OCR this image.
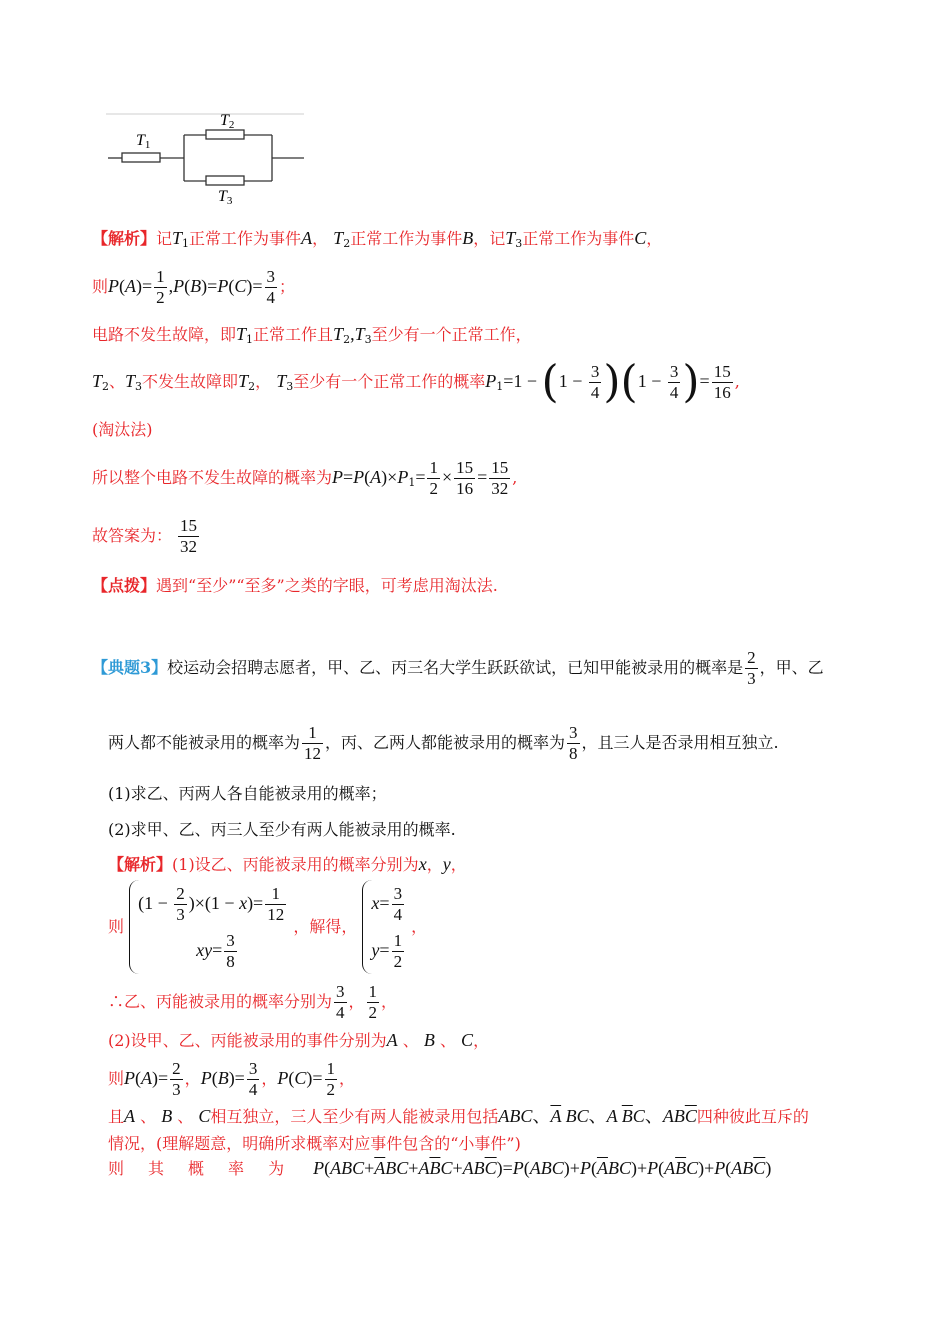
$T_1$
$T_2$
$T_3$
【解析】记$T_1$正常工作为事件A， $T_2$正常工作为事件B，记$T_3$正常工作为事件C，
则$P(A)= \frac{1}{2} ,P(B)=P(C)= \frac{3}{4}$ ；
电路不发生故障，即$T_1$正常工作且$T_2,T_3$至少有一个正常工作，
$T_2$、$T_3$不发生故障即$T_2$， $T_3$至少有一个正常工作的概率$P_1=1 - (1 - \frac{3}{4} )(1 - \frac{3}{4}$ )= $\frac{15}{16}$ ,
(淘汰法)
所以整个电路不发生故障的概率为$P=P(A)\times P_1= \frac{1}{2} \times \frac{15}{16} = \frac{15}{32}$ ,
故答案为： $\frac{15}{32}$
【点拨】遇到“至少”“至多”之类的字眼，可考虑用淘汰法.
【典题3】校运动会招聘志愿者，甲、乙、丙三名大学生跃跃欲试，已知甲能被录用的概率是 $\frac{2}{3}$ ，甲、乙
两人都不能被录用的概率为 $\frac{1}{12}$ ，丙、乙两人都能被录用的概率为 $\frac{3}{8}$ ，且三人是否录用相互独立.
(1)求乙、丙两人各自能被录用的概率；
(2)求甲、乙、丙三人至少有两人能被录用的概率.
【解析】(1)设乙、丙能被录用的概率分别为x，y，
则
$(1 - \frac{2}{3} )\times(1 - x)= \frac{1}{12}$
$xy= \frac{3}{8}$
，解得，
$x= \frac{3}{4}$
$y= \frac{1}{2}$
，
∴乙、丙能被录用的概率分别为 $\frac{3}{4}$ ， $\frac{1}{2}$ ，
(2)设甲、乙、丙能被录用的事件分别为A 、 B 、 C，
则$P(A)= \frac{2}{3}$ ，$P(B)= \frac{3}{4}$ ，$P(C)= \frac{1}{2}$ ，
且A 、 B 、 C相互独立，三人至少有两人能被录用包括ABC、$\overline{A}$ BC、A $\overline{B}C$、$AB\overline{C}$四种彼此互斥的
情况，(理解题意，明确所求概率对应事件包含的“小事件”)
则 其 概 率 为 $P(ABC+\overline{A}BC+A\overline{B}C+AB\overline{C})=P(ABC)+P(\overline{A}BC)+P(A\overline{B}C)+P(AB\overline{C})$
